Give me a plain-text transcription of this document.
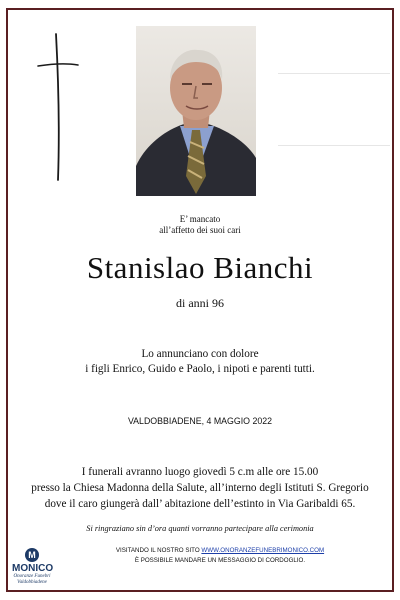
E’ mancato
all’affetto dei suoi cari
Stanislao Bianchi
di anni 96
Lo annunciano con dolore
i figli Enrico, Guido e Paolo, i nipoti e parenti tutti.
VALDOBBIADENE, 4 MAGGIO 2022
I funerali avranno luogo giovedì 5 c.m alle ore 15.00
presso la Chiesa Madonna della Salute, all’interno degli Istituti S. Gregorio
dove il caro giungerà dall’ abitazione dell’estinto in Via Garibaldi 65.
Si ringraziano sin d’ora quanti vorranno partecipare alla cerimonia
M
MONICO
Onoranze Funebri
Valdobbiadene
VISITANDO IL NOSTRO SITO WWW.ONORANZEFUNEBRIMONICO.COM
È POSSIBILE MANDARE UN MESSAGGIO DI CORDOGLIO.
